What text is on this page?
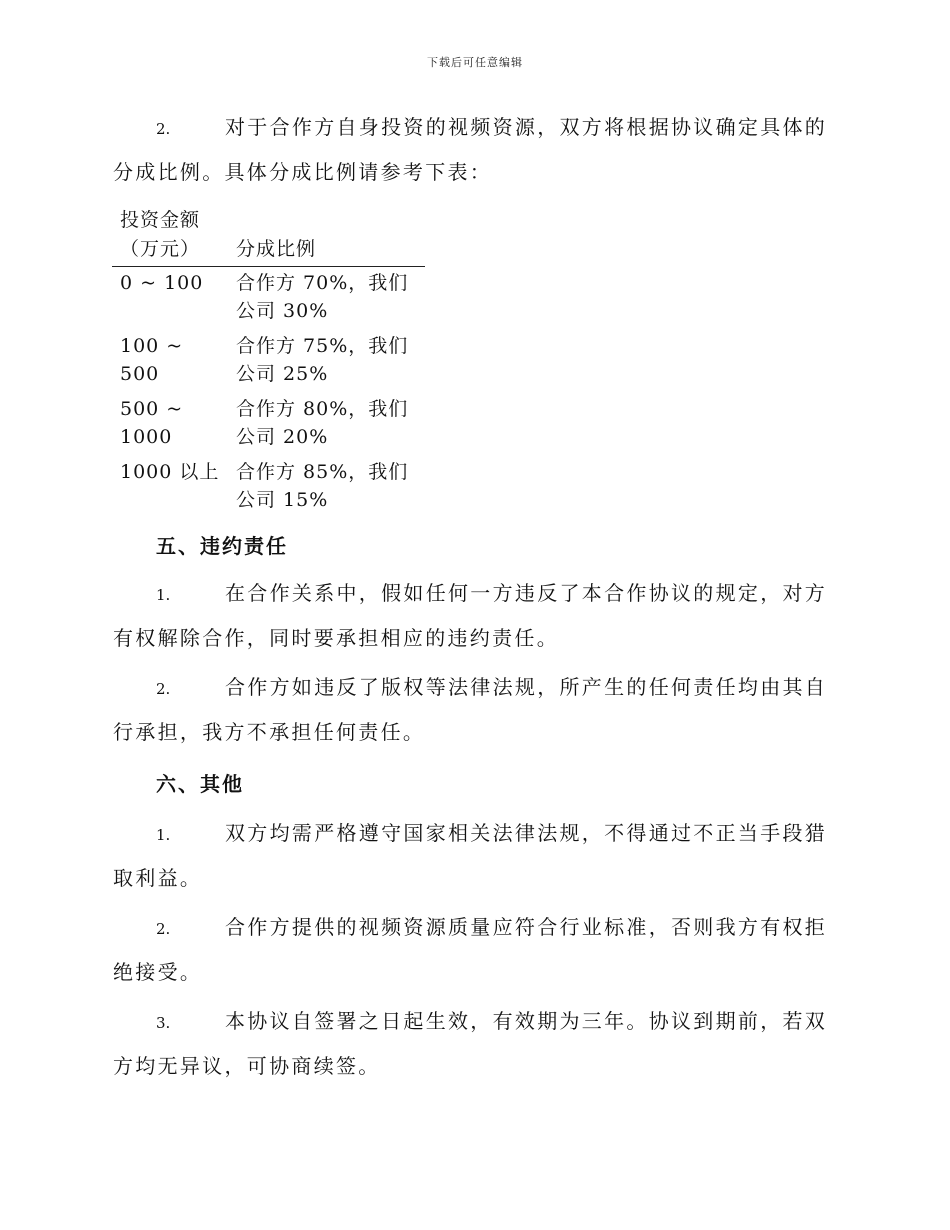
下载后可任意编辑
2.	对于合作方自身投资的视频资源，双方将根据协议确定具体的分成比例。具体分成比例请参考下表：
投资金额
（万元）	分成比例
0 ~ 100	合作方 70%，我们
公司 30%

100 ~ 500	合作方 75%，我们
公司 25%

500 ~ 1000	合作方 80%，我们
公司 20%

1000 以上	合作方 85%，我们
公司 15%
五、违约责任
1.	在合作关系中，假如任何一方违反了本合作协议的规定，对方有权解除合作，同时要承担相应的违约责任。
2.	合作方如违反了版权等法律法规，所产生的任何责任均由其自行承担，我方不承担任何责任。
六、其他
1.	双方均需严格遵守国家相关法律法规，不得通过不正当手段猎取利益。
2.	合作方提供的视频资源质量应符合行业标准，否则我方有权拒绝接受。
3.	本协议自签署之日起生效，有效期为三年。协议到期前，若双方均无异议，可协商续签。
